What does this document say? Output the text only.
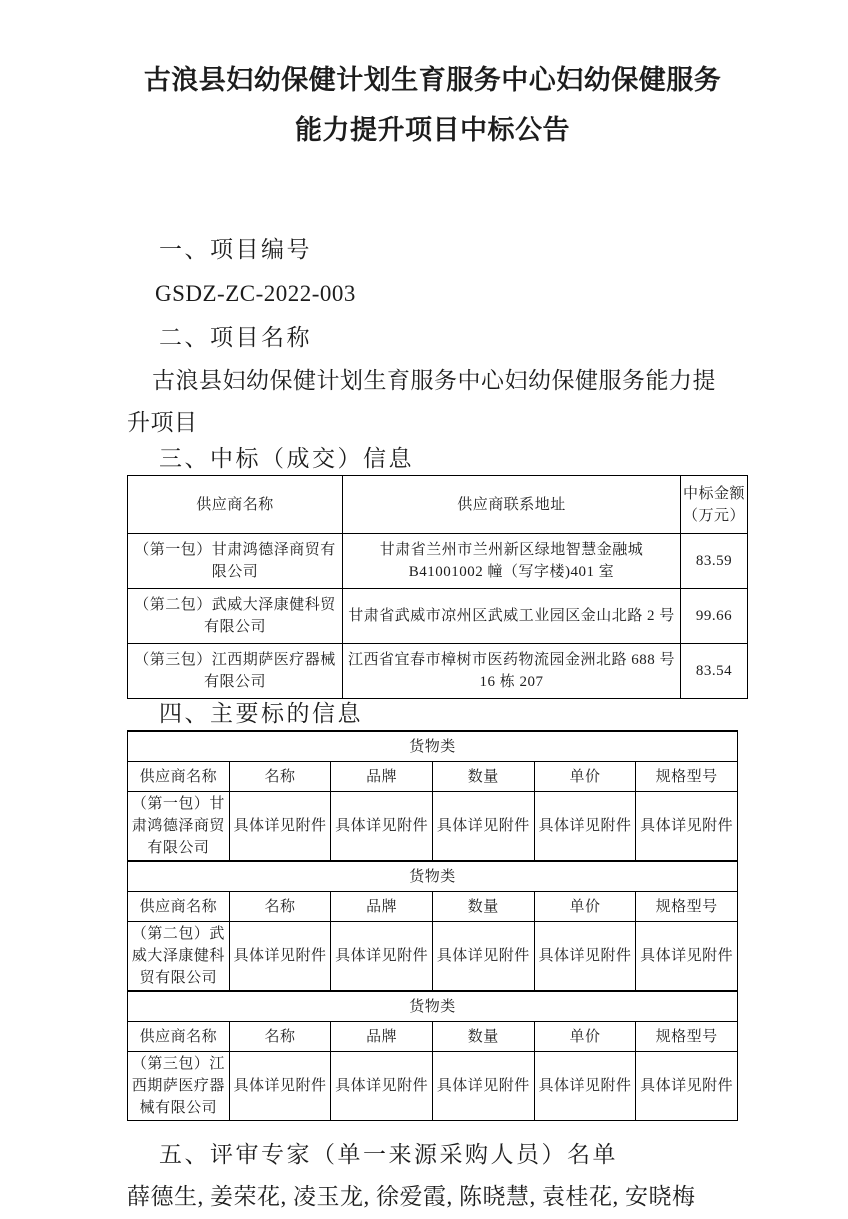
古浪县妇幼保健计划生育服务中心妇幼保健服务
能力提升项目中标公告
一、项目编号
GSDZ-ZC-2022-003
二、项目名称

古浪县妇幼保健计划生育服务中心妇幼保健服务能力提升项目

三、中标（成交）信息
供应商名称	供应商联系地址	中标金额（万元）
（第一包）甘肃鸿德泽商贸有限公司	甘肃省兰州市兰州新区绿地智慧金融城 B41001002 幢（写字楼)401 室	83.59
（第二包）武威大泽康健科贸有限公司	甘肃省武威市凉州区武威工业园区金山北路 2 号	99.66
（第三包）江西期萨医疗器械有限公司	江西省宜春市樟树市医药物流园金洲北路 688 号 16 栋 207	83.54
四、主要标的信息
货物类					
供应商名称	名称	品牌	数量	单价	规格型号
（第一包）甘肃鸿德泽商贸有限公司	具体详见附件	具体详见附件	具体详见附件	具体详见附件	具体详见附件
货物类					
供应商名称	名称	品牌	数量	单价	规格型号
（第二包）武威大泽康健科贸有限公司	具体详见附件	具体详见附件	具体详见附件	具体详见附件	具体详见附件
货物类					
供应商名称	名称	品牌	数量	单价	规格型号
（第三包）江西期萨医疗器械有限公司	具体详见附件	具体详见附件	具体详见附件	具体详见附件	具体详见附件
五、评审专家（单一来源采购人员）名单
薛德生, 姜荣花, 凌玉龙, 徐爱霞, 陈晓慧, 袁桂花, 安晓梅
